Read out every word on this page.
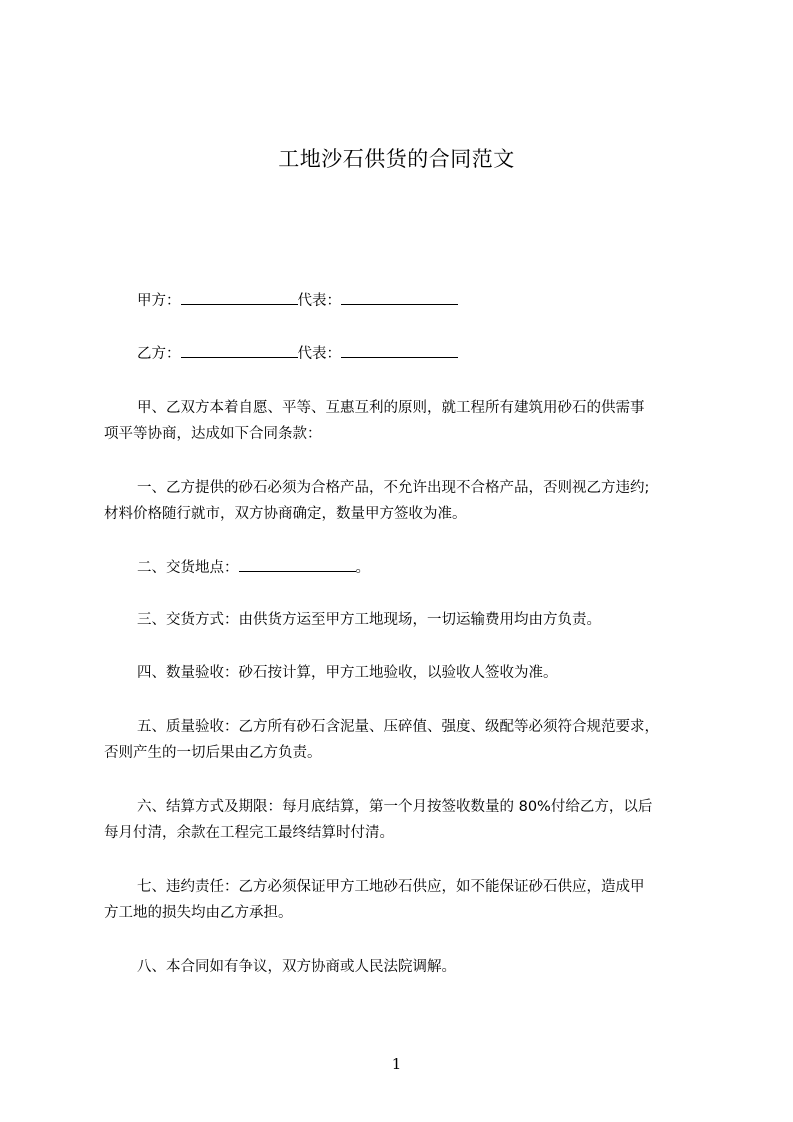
工地沙石供货的合同范文
甲方：	代表：
乙方：	代表：
甲、乙双方本着自愿、平等、互惠互利的原则，就工程所有建筑用砂石的供需事
项平等协商，达成如下合同条款：
一、乙方提供的砂石必须为合格产品，不允许出现不合格产品，否则视乙方违约;
材料价格随行就市，双方协商确定，数量甲方签收为准。
二、交货地点：	。
三、交货方式：由供货方运至甲方工地现场，一切运输费用均由方负责。
四、数量验收：砂石按计算，甲方工地验收，以验收人签收为准。
五、质量验收：乙方所有砂石含泥量、压碎值、强度、级配等必须符合规范要求，
否则产生的一切后果由乙方负责。
六、结算方式及期限：每月底结算，第一个月按签收数量的 80%付给乙方，以后
每月付清，余款在工程完工最终结算时付清。
七、违约责任：乙方必须保证甲方工地砂石供应，如不能保证砂石供应，造成甲
方工地的损失均由乙方承担。
八、本合同如有争议，双方协商或人民法院调解。
1
